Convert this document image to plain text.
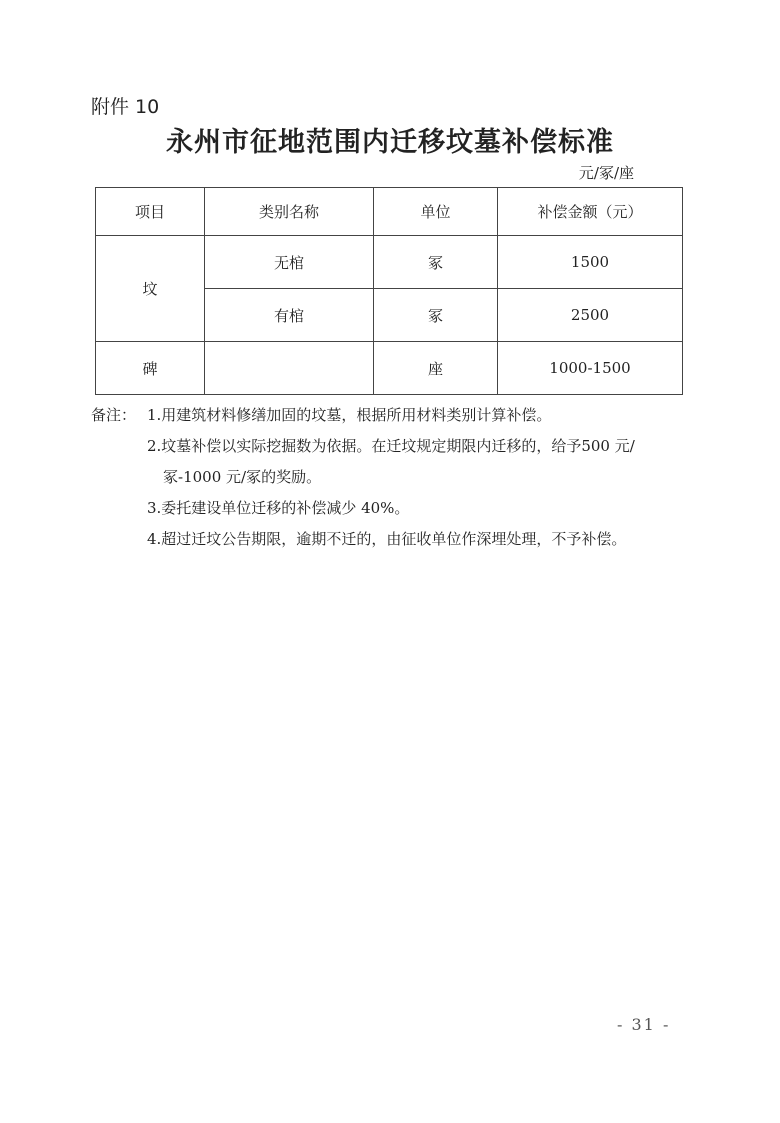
附件 10
永州市征地范围内迁移坟墓补偿标准
元/冢/座
项目	类别名称	单位	补偿金额（元）
坟	无棺	冢	1500
	有棺	冢	2500
碑		座	1000-1500
备注： 1.用建筑材料修缮加固的坟墓，根据所用材料类别计算补偿。
2.坟墓补偿以实际挖掘数为依据。在迁坟规定期限内迁移的，给予500 元/冢-1000 元/冢的奖励。
3.委托建设单位迁移的补偿减少 40%。
4.超过迁坟公告期限，逾期不迁的，由征收单位作深埋处理，不予补偿。
- 31 -
